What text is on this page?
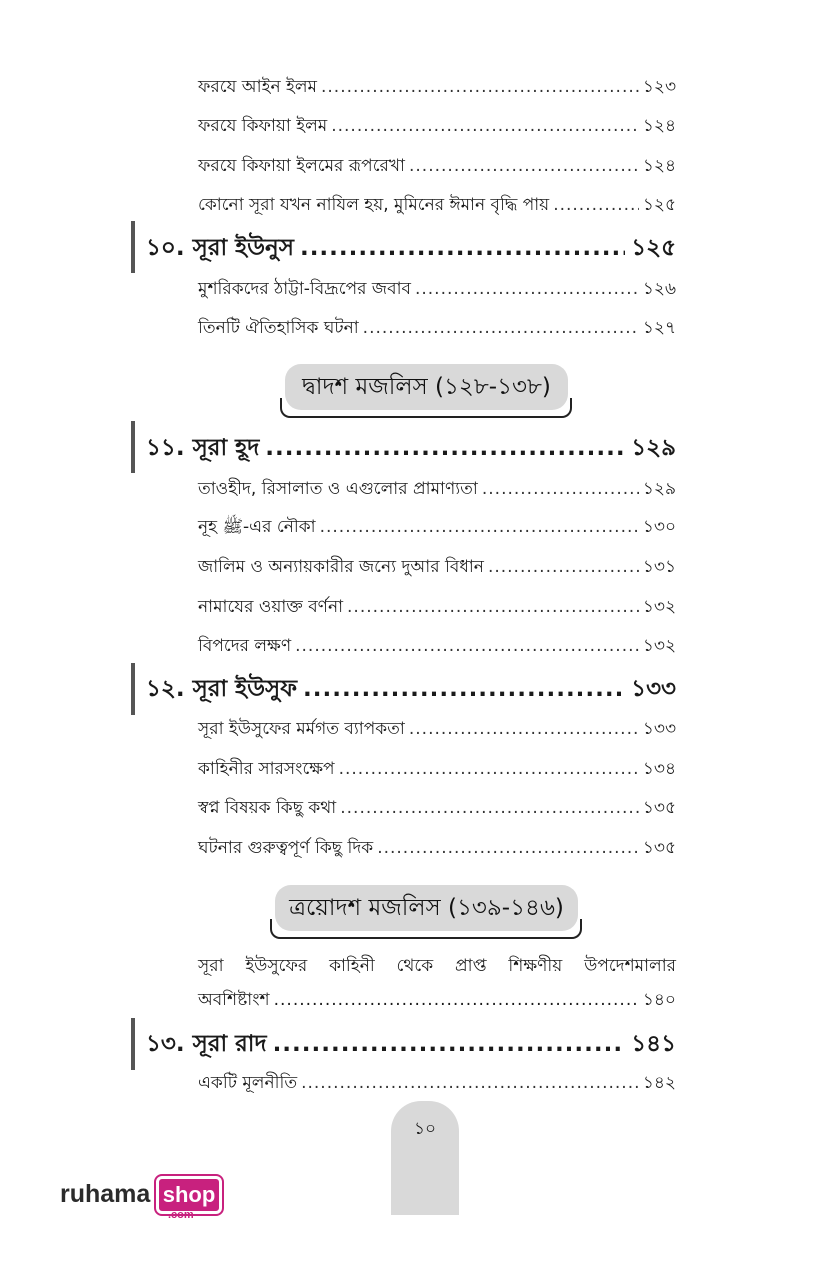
ফরযে আইন ইলম .....	১২৩
ফরযে কিফায়া ইলম .....	১২৪
ফরযে কিফায়া ইলমের রূপরেখা .....	১২৪
কোনো সূরা যখন নাযিল হয়, মুমিনের ঈমান বৃদ্ধি পায় .....	১২৫
১০. সূরা ইউনুস .....	১২৫
মুশরিকদের ঠাট্টা-বিদ্রূপের জবাব .....	১২৬
তিনটি ঐতিহাসিক ঘটনা .....	১২৭
দ্বাদশ মজলিস (১২৮-১৩৮)
১১. সূরা হূদ .....	১২৯
তাওহীদ, রিসালাত ও এগুলোর প্রামাণ্যতা .....	১২৯
নূহ ﷺ-এর নৌকা .....	১৩০
জালিম ও অন্যায়কারীর জন্যে দুআর বিধান .....	১৩১
নামাযের ওয়াক্ত বর্ণনা .....	১৩২
বিপদের লক্ষণ .....	১৩২
১২. সূরা ইউসুফ .....	১৩৩
সূরা ইউসুফের মর্মগত ব্যাপকতা .....	১৩৩
কাহিনীর সারসংক্ষেপ .....	১৩৪
স্বপ্ন বিষয়ক কিছু কথা .....	১৩৫
ঘটনার গুরুত্বপূর্ণ কিছু দিক .....	১৩৫
ত্রয়োদশ মজলিস (১৩৯-১৪৬)
সূরা ইউসুফের কাহিনী থেকে প্রাপ্ত শিক্ষণীয় উপদেশমালার
অবশিষ্টাংশ .....	১৪০
১৩. সূরা রাদ .....	১৪১
একটি মূলনীতি .....	১৪২
১০
ruhama shop
.com
